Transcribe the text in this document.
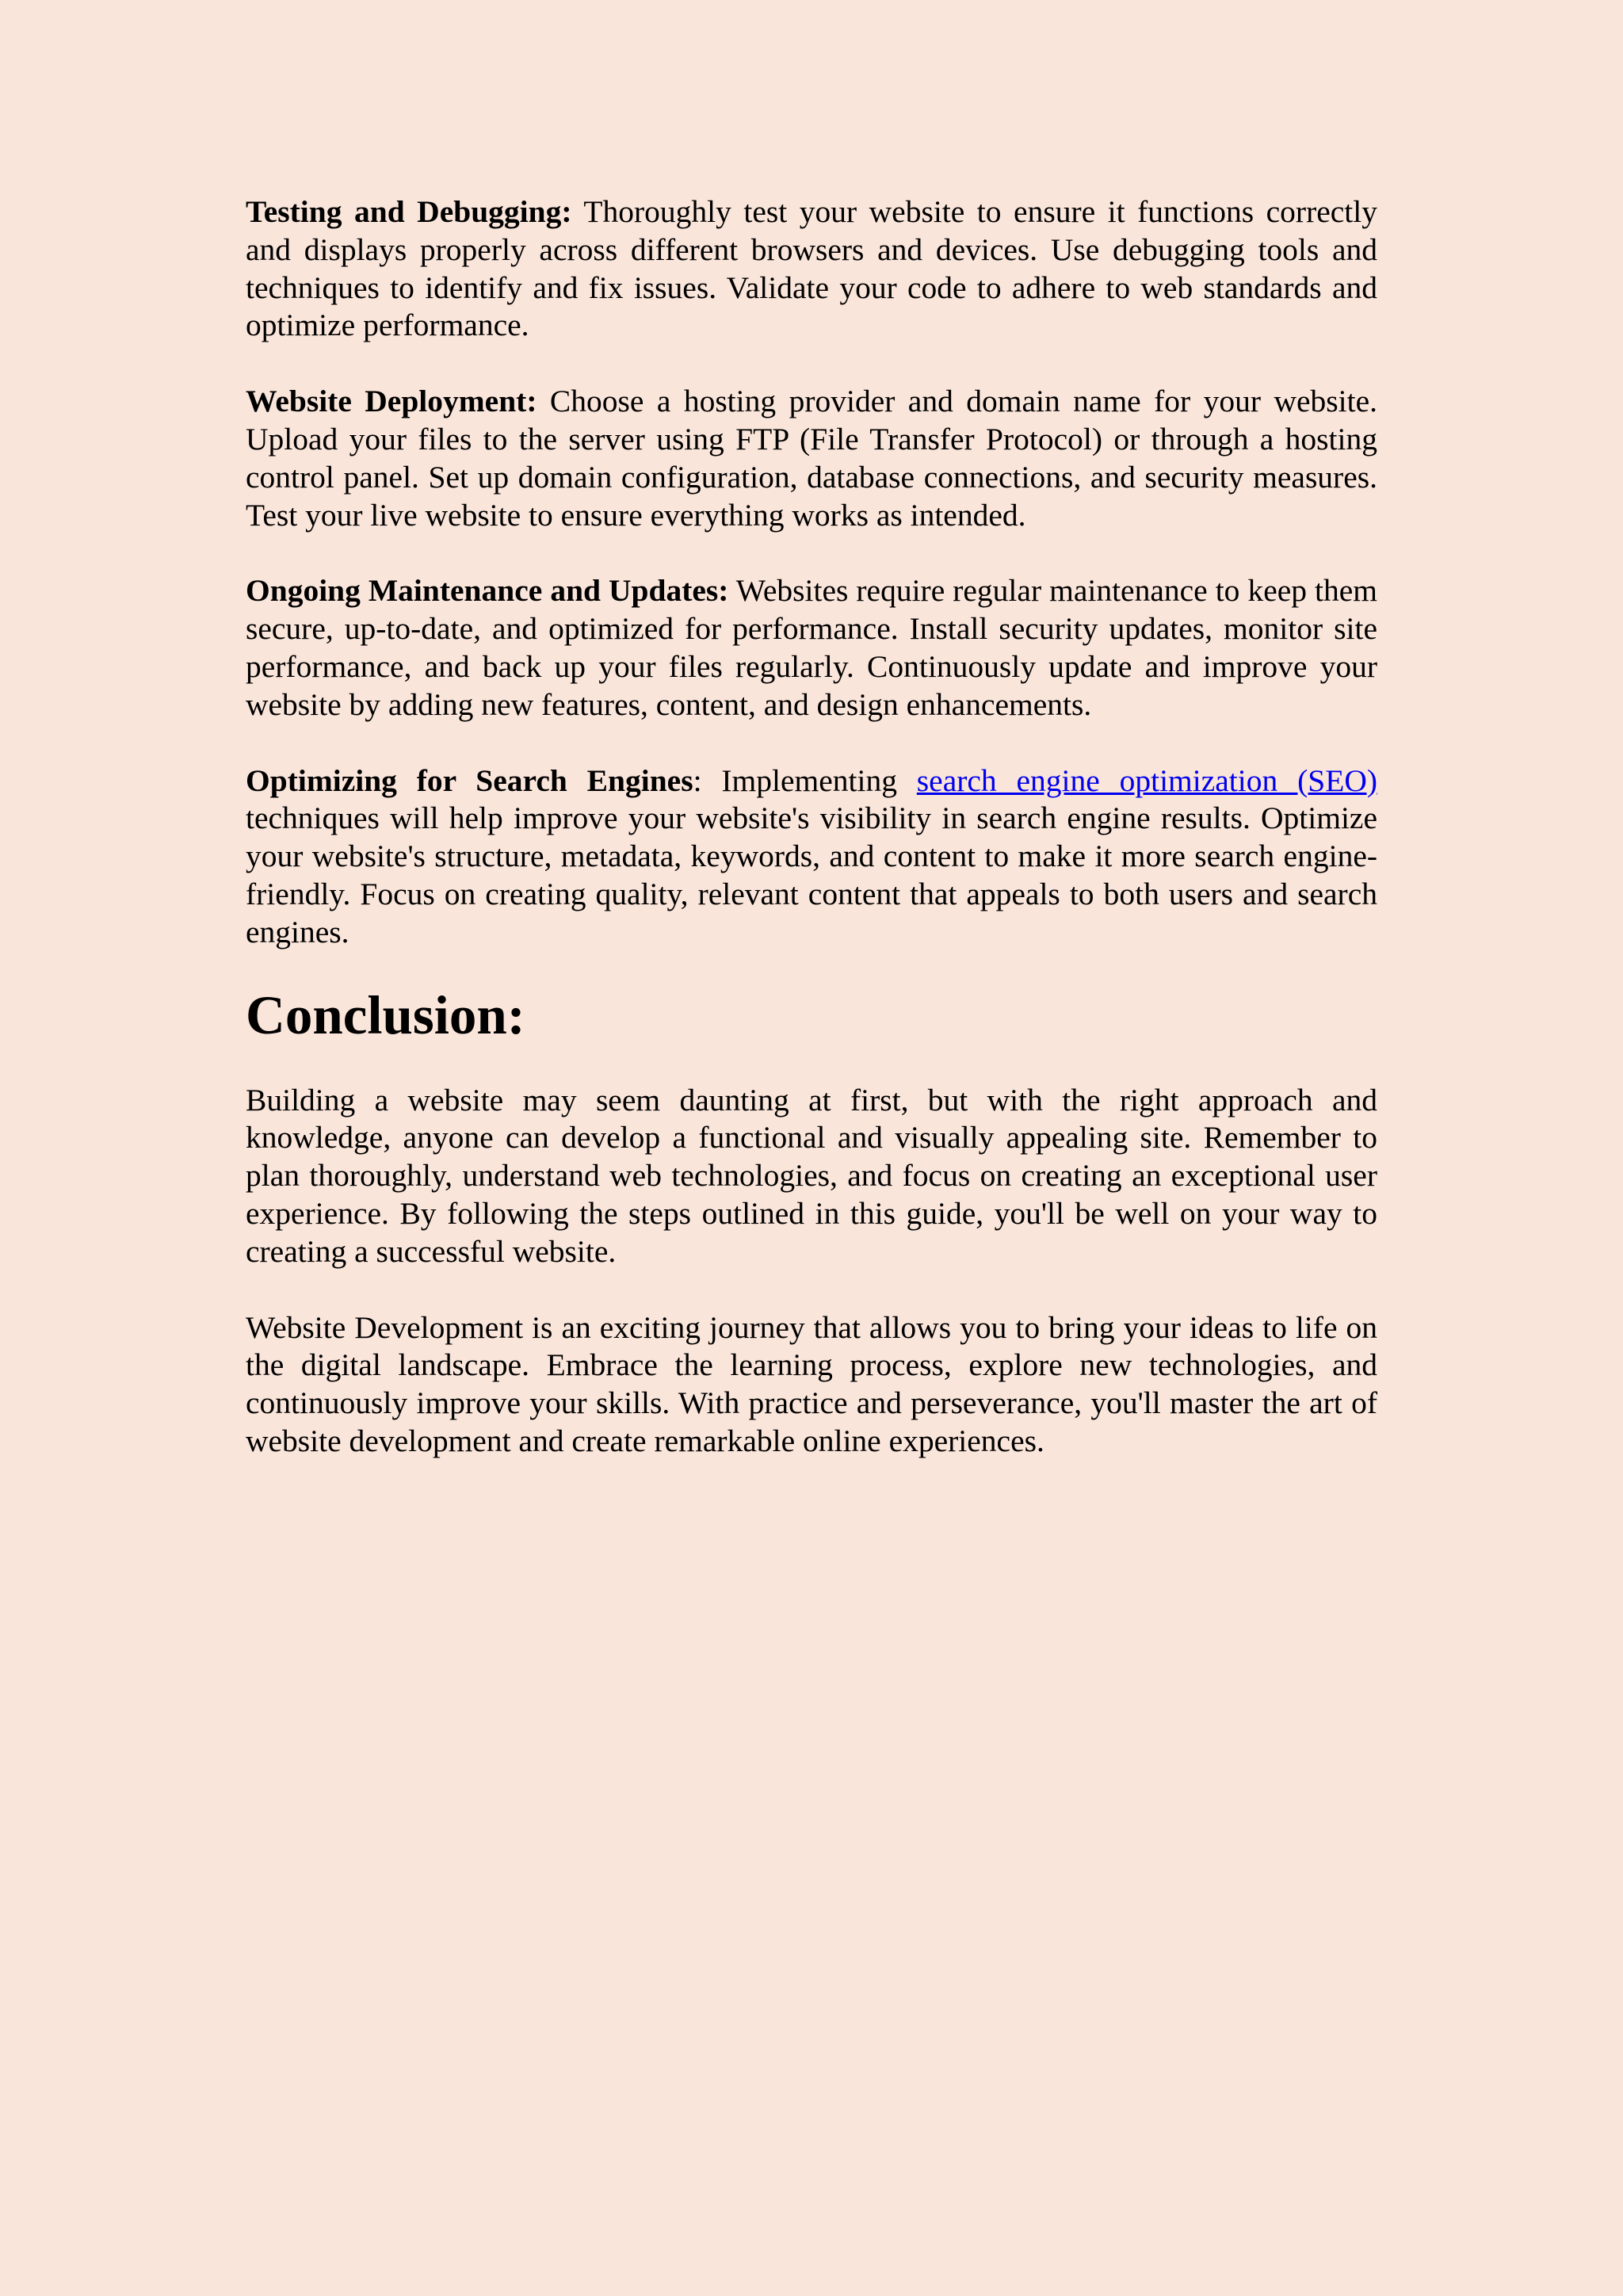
Testing and Debugging: Thoroughly test your website to ensure it functions correctly and displays properly across different browsers and devices. Use debugging tools and techniques to identify and fix issues. Validate your code to adhere to web standards and optimize performance.

Website Deployment: Choose a hosting provider and domain name for your website. Upload your files to the server using FTP (File Transfer Protocol) or through a hosting control panel. Set up domain configuration, database connections, and security measures. Test your live website to ensure everything works as intended.

Ongoing Maintenance and Updates: Websites require regular maintenance to keep them secure, up-to-date, and optimized for performance. Install security updates, monitor site performance, and back up your files regularly. Continuously update and improve your website by adding new features, content, and design enhancements.

Optimizing for Search Engines: Implementing search engine optimization (SEO) techniques will help improve your website's visibility in search engine results. Optimize your website's structure, metadata, keywords, and content to make it more search engine-friendly. Focus on creating quality, relevant content that appeals to both users and search engines.

Conclusion:

Building a website may seem daunting at first, but with the right approach and knowledge, anyone can develop a functional and visually appealing site. Remember to plan thoroughly, understand web technologies, and focus on creating an exceptional user experience. By following the steps outlined in this guide, you'll be well on your way to creating a successful website.

Website Development is an exciting journey that allows you to bring your ideas to life on the digital landscape. Embrace the learning process, explore new technologies, and continuously improve your skills. With practice and perseverance, you'll master the art of website development and create remarkable online experiences.
